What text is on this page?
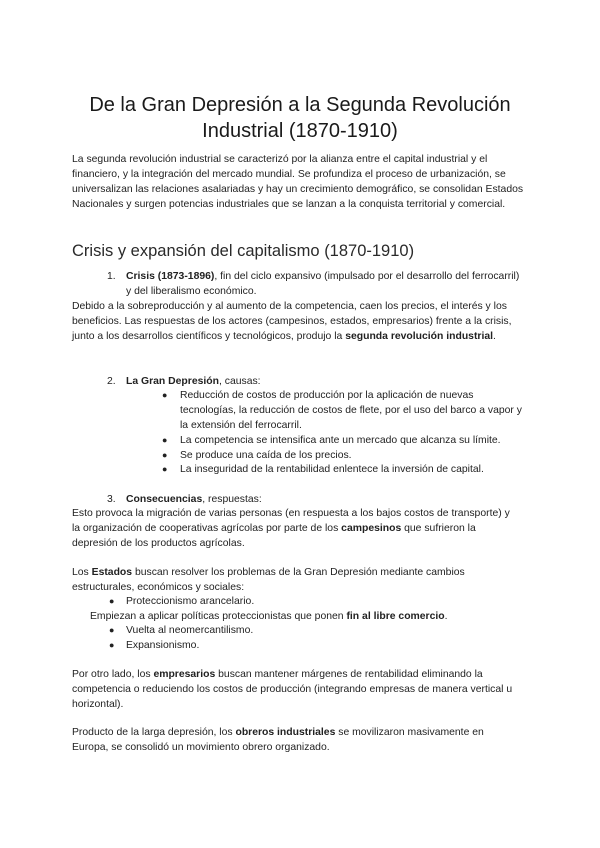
De la Gran Depresión a la Segunda Revolución Industrial (1870-1910)
La segunda revolución industrial se caracterizó por la alianza entre el capital industrial y el financiero, y la integración del mercado mundial. Se profundiza el proceso de urbanización, se universalizan las relaciones asalariadas y hay un crecimiento demográfico, se consolidan Estados Nacionales y surgen potencias industriales que se lanzan a la conquista territorial y comercial.
Crisis y expansión del capitalismo (1870-1910)
1. Crisis (1873-1896), fin del ciclo expansivo (impulsado por el desarrollo del ferrocarril) y del liberalismo económico.
Debido a la sobreproducción y al aumento de la competencia, caen los precios, el interés y los beneficios. Las respuestas de los actores (campesinos, estados, empresarios) frente a la crisis, junto a los desarrollos científicos y tecnológicos, produjo la segunda revolución industrial.
2. La Gran Depresión, causas:
● Reducción de costos de producción por la aplicación de nuevas tecnologías, la reducción de costos de flete, por el uso del barco a vapor y la extensión del ferrocarril.
● La competencia se intensifica ante un mercado que alcanza su límite.
● Se produce una caída de los precios.
● La inseguridad de la rentabilidad enlentece la inversión de capital.
3. Consecuencias, respuestas:
Esto provoca la migración de varias personas (en respuesta a los bajos costos de transporte) y la organización de cooperativas agrícolas por parte de los campesinos que sufrieron la depresión de los productos agrícolas.
Los Estados buscan resolver los problemas de la Gran Depresión mediante cambios estructurales, económicos y sociales:
● Proteccionismo arancelario.
Empiezan a aplicar políticas proteccionistas que ponen fin al libre comercio.
● Vuelta al neomercantilismo.
● Expansionismo.
Por otro lado, los empresarios buscan mantener márgenes de rentabilidad eliminando la competencia o reduciendo los costos de producción (integrando empresas de manera vertical u horizontal).
Producto de la larga depresión, los obreros industriales se movilizaron masivamente en Europa, se consolidó un movimiento obrero organizado.
